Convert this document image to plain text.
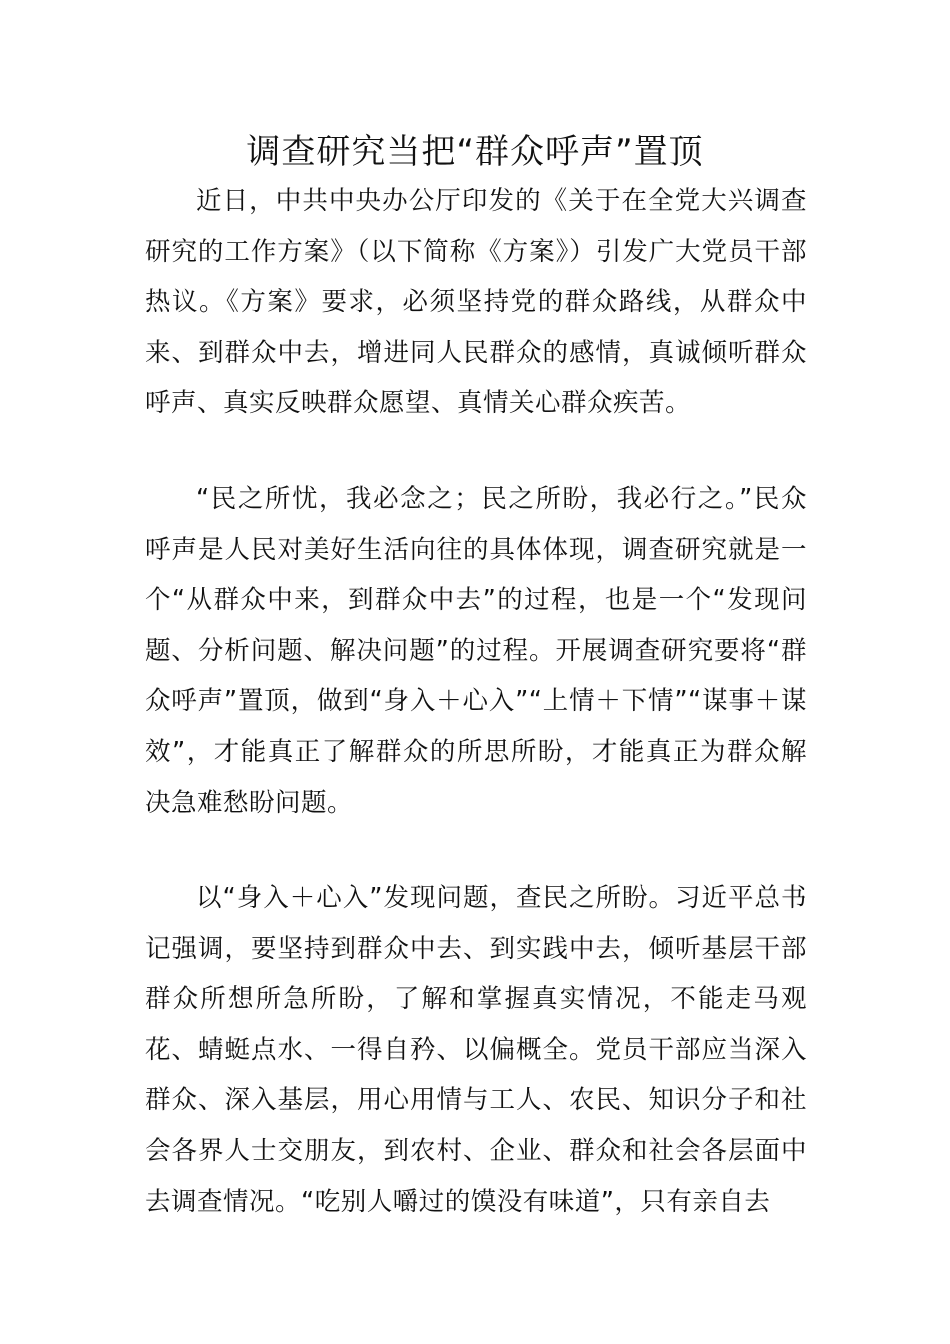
调查研究当把“群众呼声”置顶

近日，中共中央办公厅印发的《关于在全党大兴调查研究的工作方案》（以下简称《方案》）引发广大党员干部热议。《方案》要求，必须坚持党的群众路线，从群众中来、到群众中去，增进同人民群众的感情，真诚倾听群众呼声、真实反映群众愿望、真情关心群众疾苦。

“民之所忧，我必念之；民之所盼，我必行之。”民众呼声是人民对美好生活向往的具体体现，调查研究就是一个“从群众中来，到群众中去”的过程，也是一个“发现问题、分析问题、解决问题”的过程。开展调查研究要将“群众呼声”置顶，做到“身入＋心入”“上情＋下情”“谋事＋谋效”，才能真正了解群众的所思所盼，才能真正为群众解决急难愁盼问题。

以“身入＋心入”发现问题，查民之所盼。习近平总书记强调，要坚持到群众中去、到实践中去，倾听基层干部群众所想所急所盼，了解和掌握真实情况，不能走马观花、蜻蜓点水、一得自矜、以偏概全。党员干部应当深入群众、深入基层，用心用情与工人、农民、知识分子和社会各界人士交朋友，到农村、企业、群众和社会各层面中去调查情况。“吃别人嚼过的馍没有味道”，只有亲自去
